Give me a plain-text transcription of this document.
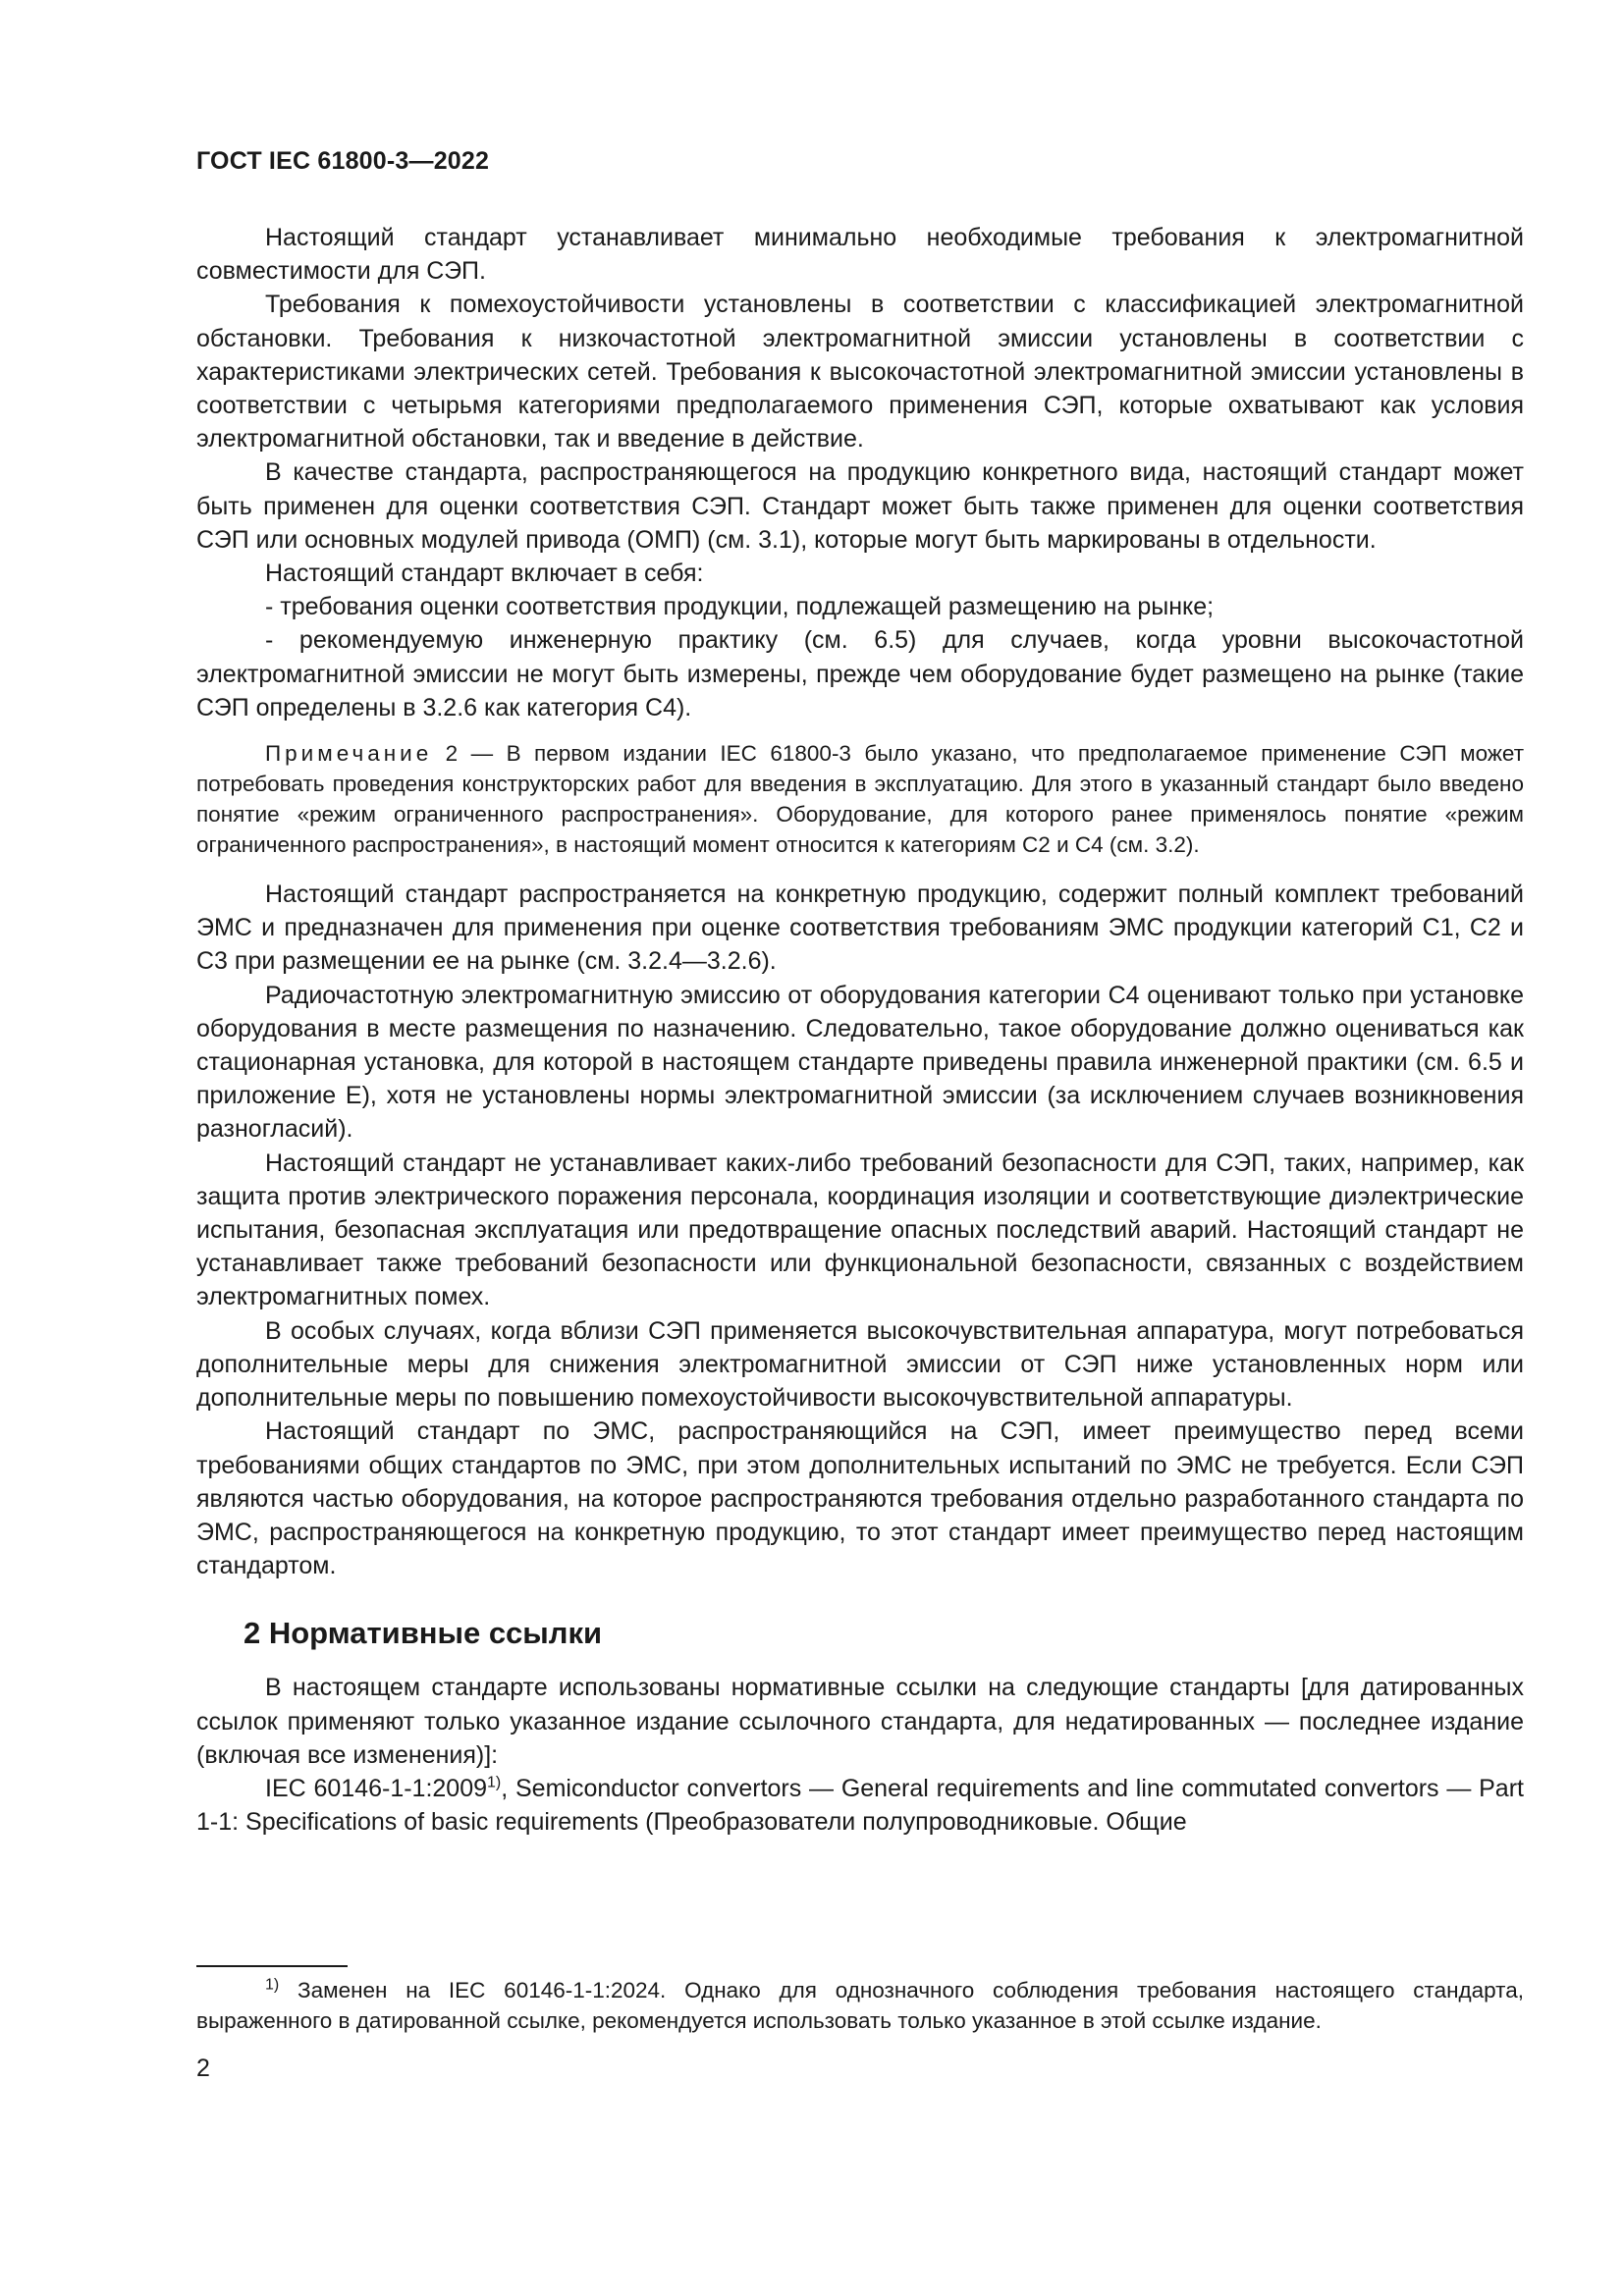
ГОСТ IEC 61800-3—2022

Настоящий стандарт устанавливает минимально необходимые требования к электромагнитной совместимости для СЭП.

Требования к помехоустойчивости установлены в соответствии с классификацией электромагнитной обстановки. Требования к низкочастотной электромагнитной эмиссии установлены в соответствии с характеристиками электрических сетей. Требования к высокочастотной электромагнитной эмиссии установлены в соответствии с четырьмя категориями предполагаемого применения СЭП, которые охватывают как условия электромагнитной обстановки, так и введение в действие.

В качестве стандарта, распространяющегося на продукцию конкретного вида, настоящий стандарт может быть применен для оценки соответствия СЭП. Стандарт может быть также применен для оценки соответствия СЭП или основных модулей привода (ОМП) (см. 3.1), которые могут быть маркированы в отдельности.

Настоящий стандарт включает в себя:

- требования оценки соответствия продукции, подлежащей размещению на рынке;

- рекомендуемую инженерную практику (см. 6.5) для случаев, когда уровни высокочастотной электромагнитной эмиссии не могут быть измерены, прежде чем оборудование будет размещено на рынке (такие СЭП определены в 3.2.6 как категория С4).

Примечание 2 — В первом издании IEC 61800-3 было указано, что предполагаемое применение СЭП может потребовать проведения конструкторских работ для введения в эксплуатацию. Для этого в указанный стандарт было введено понятие «режим ограниченного распространения». Оборудование, для которого ранее применялось понятие «режим ограниченного распространения», в настоящий момент относится к категориям С2 и С4 (см. 3.2).

Настоящий стандарт распространяется на конкретную продукцию, содержит полный комплект требований ЭМС и предназначен для применения при оценке соответствия требованиям ЭМС продукции категорий С1, С2 и С3 при размещении ее на рынке (см. 3.2.4—3.2.6).

Радиочастотную электромагнитную эмиссию от оборудования категории С4 оценивают только при установке оборудования в месте размещения по назначению. Следовательно, такое оборудование должно оцениваться как стационарная установка, для которой в настоящем стандарте приведены правила инженерной практики (см. 6.5 и приложение Е), хотя не установлены нормы электромагнитной эмиссии (за исключением случаев возникновения разногласий).

Настоящий стандарт не устанавливает каких-либо требований безопасности для СЭП, таких, например, как защита против электрического поражения персонала, координация изоляции и соответствующие диэлектрические испытания, безопасная эксплуатация или предотвращение опасных последствий аварий. Настоящий стандарт не устанавливает также требований безопасности или функциональной безопасности, связанных с воздействием электромагнитных помех.

В особых случаях, когда вблизи СЭП применяется высокочувствительная аппаратура, могут потребоваться дополнительные меры для снижения электромагнитной эмиссии от СЭП ниже установленных норм или дополнительные меры по повышению помехоустойчивости высокочувствительной аппаратуры.

Настоящий стандарт по ЭМС, распространяющийся на СЭП, имеет преимущество перед всеми требованиями общих стандартов по ЭМС, при этом дополнительных испытаний по ЭМС не требуется. Если СЭП являются частью оборудования, на которое распространяются требования отдельно разработанного стандарта по ЭМС, распространяющегося на конкретную продукцию, то этот стандарт имеет преимущество перед настоящим стандартом.

2 Нормативные ссылки

В настоящем стандарте использованы нормативные ссылки на следующие стандарты [для датированных ссылок применяют только указанное издание ссылочного стандарта, для недатированных — последнее издание (включая все изменения)]:

IEC 60146-1-1:2009$^{1)}$, Semiconductor convertors — General requirements and line commutated convertors — Part 1-1: Specifications of basic requirements (Преобразователи полупроводниковые. Общие

$^{1)}$ Заменен на IEC 60146-1-1:2024. Однако для однозначного соблюдения требования настоящего стандарта, выраженного в датированной ссылке, рекомендуется использовать только указанное в этой ссылке издание.
2
